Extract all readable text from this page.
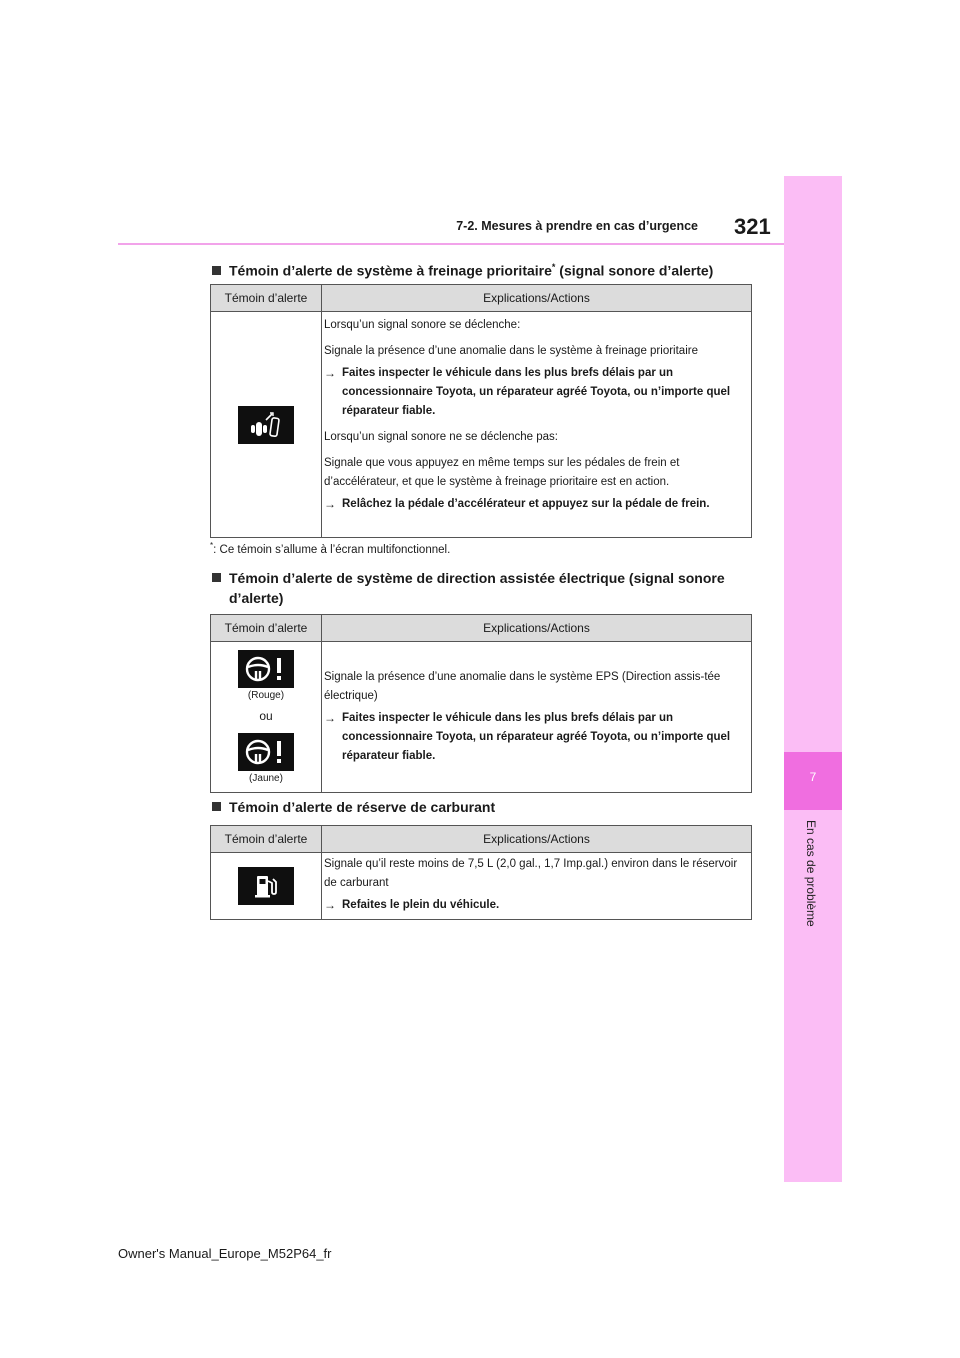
7
En cas de problème
7-2. Mesures à prendre en cas d’urgence 321
Témoin d’alerte de système à freinage prioritaire* (signal sonore d’alerte)
Témoin d’alerte	Explications/Actions

Lorsqu’un signal sonore se déclenche:

Signale la présence d’une anomalie dans le système à freinage prioritaire

→ Faites inspecter le véhicule dans les plus brefs délais par un concessionnaire Toyota, un réparateur agréé Toyota, ou n’importe quel réparateur fiable.

Lorsqu’un signal sonore ne se déclenche pas:

Signale que vous appuyez en même temps sur les pédales de frein et d’accélérateur, et que le système à freinage prioritaire est en action.

→ Relâchez la pédale d’accélérateur et appuyez sur la pédale de frein.
*: Ce témoin s’allume à l’écran multifonctionnel.
Témoin d’alerte de système de direction assistée électrique (signal sonore
d’alerte)
Témoin d’alerte	Explications/Actions
(Rouge)
ou
(Jaune)

Signale la présence d’une anomalie dans le système EPS (Direction assis-tée électrique)

→ Faites inspecter le véhicule dans les plus brefs délais par un concessionnaire Toyota, un réparateur agréé Toyota, ou n’importe quel réparateur fiable.
Témoin d’alerte de réserve de carburant
Témoin d’alerte	Explications/Actions

Signale qu’il reste moins de 7,5 L (2,0 gal., 1,7 Imp.gal.) environ dans le réservoir de carburant

→ Refaites le plein du véhicule.
Owner's Manual_Europe_M52P64_fr
